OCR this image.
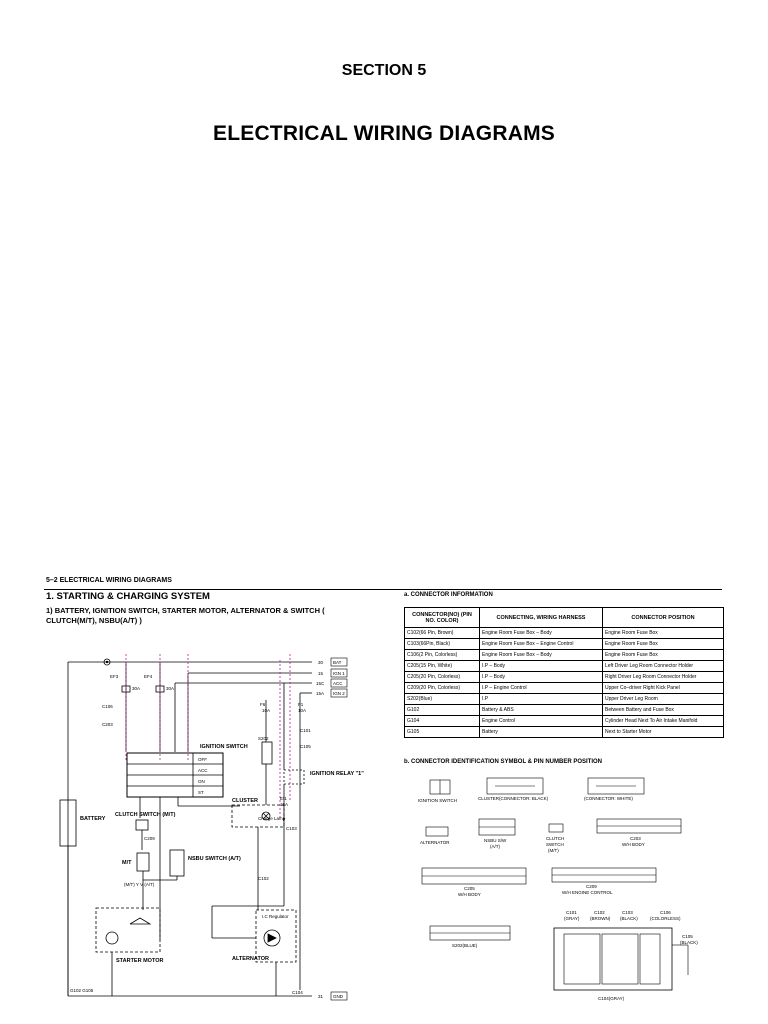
SECTION 5
ELECTRICAL WIRING DIAGRAMS
5–2 ELECTRICAL WIRING DIAGRAMS
1. STARTING & CHARGING SYSTEM
1) BATTERY, IGNITION SWITCH, STARTER MOTOR, ALTERNATOR & SWITCH ( CLUTCH(M/T), NSBU(A/T) )
a. CONNECTOR INFORMATION
CONNECTOR(NO) (PIN NO. COLOR)	CONNECTING, WIRING HARNESS	CONNECTOR POSITION
C102(66 Pin, Brown)	Engine Room Fuse Box – Body	Engine Room Fuse Box
C103(66Pin, Black)	Engine Room Fuse Box – Engine Control	Engine Room Fuse Box
C106(2 Pin, Colorless)	Engine Room Fuse Box – Body	Engine Room Fuse Box
C205(15 Pin, White)	I.P – Body	Left Driver Leg Room Connector Holder
C205(20 Pin, Colorless)	I.P – Body	Right Driver Leg Room Connector Holder
C209(20 Pin, Colorless)	I.P – Engine Control	Upper Co–driver Right Kick Panel
S202(Blue)	I.P	Upper Driver Leg Room
G102	Battery & ABS	Between Battery and Fuse Box
G104	Engine Control	Cylinder Head Next To Air Intake Manifold
G105	Battery	Next to Starter Motor
b. CONNECTOR IDENTIFICATION SYMBOL & PIN NUMBER POSITION
BAT
IGN 1
ACC
IGN 2
GND
30
15
15C
15A
31
EF3	EF4
30A	30A
F6
10A
F1
10A
Ef1
15A
C106
C203
C209
C103
C105
C101
C104
S202
C102
G102 G105
OFF
ACC
ON
ST
Charge Lamp
(M/T) Y V (A/T)
I.C Regulator
IGNITION SWITCH
IGNITION RELAY "1"
BATTERY
CLUTCH SWITCH (M/T)
CLUSTER
M/T
NSBU SWITCH (A/T)
STARTER MOTOR	ALTERNATOR
IGNITION SWITCH	CLUSTER(CONNECTOR: BLACK)	(CONNECTOR: WHITE)
ALTERNATOR	NSBU S/W
(A/T)
CLUTCH
SWITCH
(M/T)
C203
W/H BODY
C205
W/H BODY
C209
W/H ENGINE CONTROL
S202(BLUE)
C101
(GRAY)
C102
(BROWN)
C103
(BLACK)
C106
(COLORLESS)
C105
(BLACK)
C104(GRAY)
